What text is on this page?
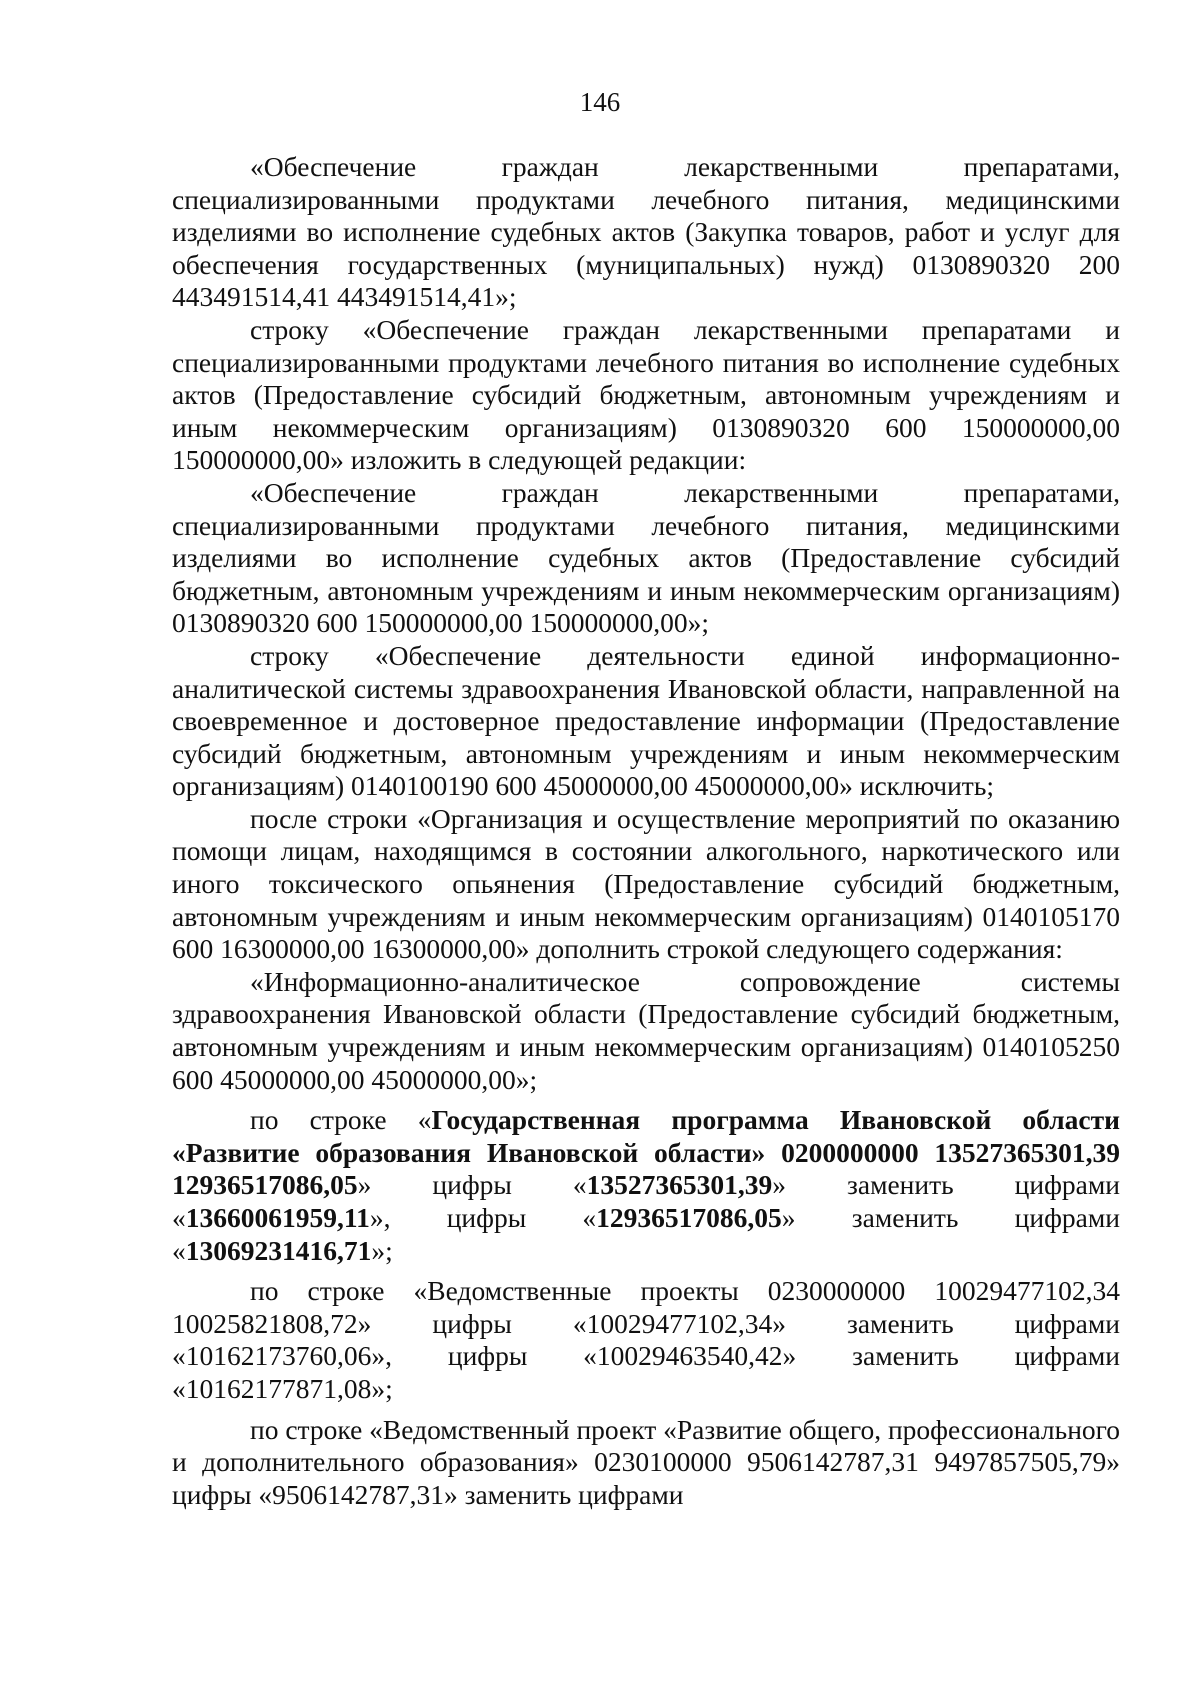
146

«Обеспечение граждан лекарственными препаратами, специализированными продуктами лечебного питания, медицинскими изделиями во исполнение судебных актов (Закупка товаров, работ и услуг для обеспечения государственных (муниципальных) нужд) 0130890320 200 443491514,41 443491514,41»;

строку «Обеспечение граждан лекарственными препаратами и специализированными продуктами лечебного питания во исполнение судебных актов (Предоставление субсидий бюджетным, автономным учреждениям и иным некоммерческим организациям) 0130890320 600 150000000,00 150000000,00» изложить в следующей редакции:

«Обеспечение граждан лекарственными препаратами, специализированными продуктами лечебного питания, медицинскими изделиями во исполнение судебных актов (Предоставление субсидий бюджетным, автономным учреждениям и иным некоммерческим организациям) 0130890320 600 150000000,00 150000000,00»;

строку «Обеспечение деятельности единой информационно-аналитической системы здравоохранения Ивановской области, направленной на своевременное и достоверное предоставление информации (Предоставление субсидий бюджетным, автономным учреждениям и иным некоммерческим организациям) 0140100190 600 45000000,00 45000000,00» исключить;

после строки «Организация и осуществление мероприятий по оказанию помощи лицам, находящимся в состоянии алкогольного, наркотического или иного токсического опьянения (Предоставление субсидий бюджетным, автономным учреждениям и иным некоммерческим организациям) 0140105170 600 16300000,00 16300000,00» дополнить строкой следующего содержания:

«Информационно-аналитическое сопровождение системы здравоохранения Ивановской области (Предоставление субсидий бюджетным, автономным учреждениям и иным некоммерческим организациям) 0140105250 600 45000000,00 45000000,00»;

по строке «Государственная программа Ивановской области «Развитие образования Ивановской области» 0200000000 13527365301,39 12936517086,05» цифры «13527365301,39» заменить цифрами «13660061959,11», цифры «12936517086,05» заменить цифрами «13069231416,71»;

по строке «Ведомственные проекты 0230000000 10029477102,34 10025821808,72» цифры «10029477102,34» заменить цифрами «10162173760,06», цифры «10029463540,42» заменить цифрами «10162177871,08»;

по строке «Ведомственный проект «Развитие общего, профессионального и дополнительного образования» 0230100000 9506142787,31 9497857505,79» цифры «9506142787,31» заменить цифрами
